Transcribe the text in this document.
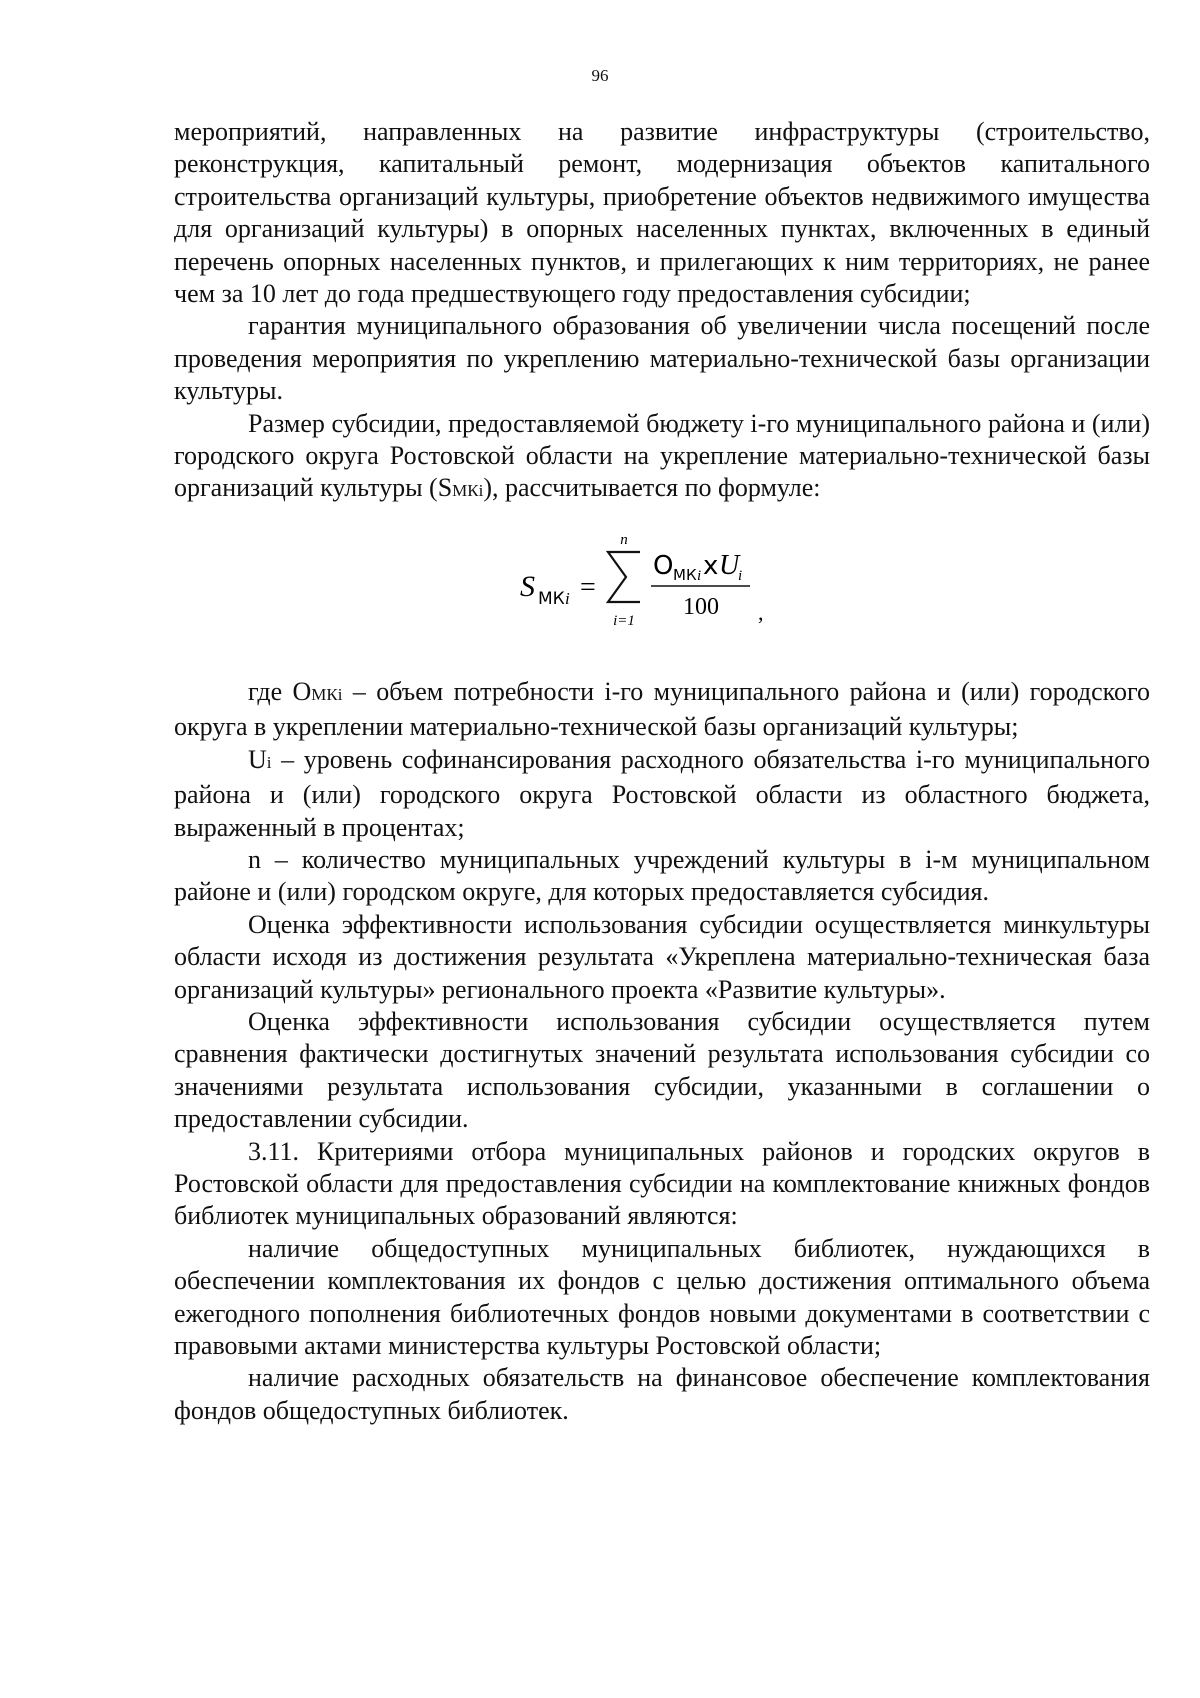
96

мероприятий, направленных на развитие инфраструктуры (строительство, реконструкция, капитальный ремонт, модернизация объектов капитального строительства организаций культуры, приобретение объектов недвижимого имущества для организаций культуры) в опорных населенных пунктах, включенных в единый перечень опорных населенных пунктов, и прилегающих к ним территориях, не ранее чем за 10 лет до года предшествующего году предоставления субсидии;

гарантия муниципального образования об увеличении числа посещений после проведения мероприятия по укреплению материально-технической базы организации культуры.

Размер субсидии, предоставляемой бюджету i-го муниципального района и (или) городского округа Ростовской области на укрепление материально-технической базы организаций культуры (SМКi), рассчитывается по формуле:

S МК i =
n
i=1
О МК i x U
i
100 ,

где ОМКi – объем потребности i-го муниципального района и (или) городского округа в укреплении материально-технической базы организаций культуры;

Ui – уровень софинансирования расходного обязательства i-го муниципального района и (или) городского округа Ростовской области из областного бюджета, выраженный в процентах;

n – количество муниципальных учреждений культуры в i-м муниципальном районе и (или) городском округе, для которых предоставляется субсидия.

Оценка эффективности использования субсидии осуществляется минкультуры области исходя из достижения результата «Укреплена материально-техническая база организаций культуры» регионального проекта «Развитие культуры».

Оценка эффективности использования субсидии осуществляется путем сравнения фактически достигнутых значений результата использования субсидии со значениями результата использования субсидии, указанными в соглашении о предоставлении субсидии.

3.11. Критериями отбора муниципальных районов и городских округов в Ростовской области для предоставления субсидии на комплектование книжных фондов библиотек муниципальных образований являются:

наличие общедоступных муниципальных библиотек, нуждающихся в обеспечении комплектования их фондов с целью достижения оптимального объема ежегодного пополнения библиотечных фондов новыми документами в соответствии с правовыми актами министерства культуры Ростовской области;

наличие расходных обязательств на финансовое обеспечение комплектования фондов общедоступных библиотек.
